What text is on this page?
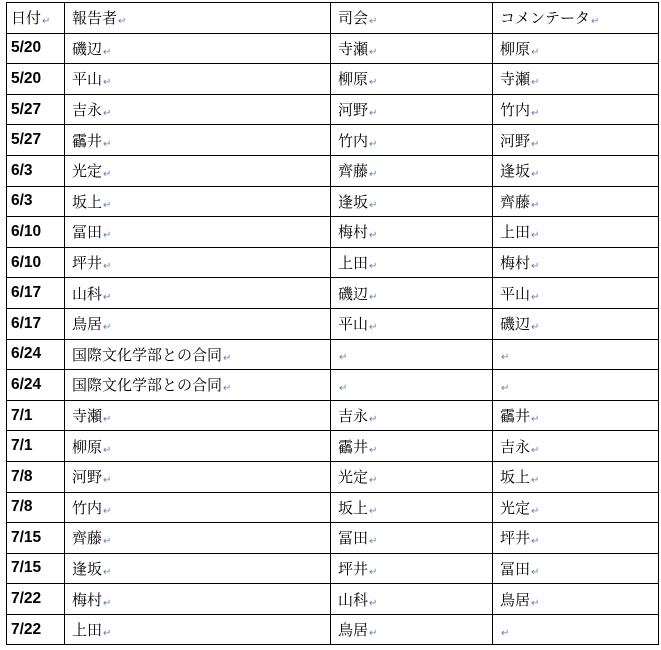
日付↵	報告者↵	司会↵	コメンテータ↵
5/20	磯辺↵	寺瀬↵	柳原↵
5/20	平山↵	柳原↵	寺瀬↵
5/27	吉永↵	河野↵	竹内↵
5/27	靍井↵	竹内↵	河野↵
6/3	光定↵	齊藤↵	逢坂↵
6/3	坂上↵	逢坂↵	齊藤↵
6/10	冨田↵	梅村↵	上田↵
6/10	坪井↵	上田↵	梅村↵
6/17	山科↵	磯辺↵	平山↵
6/17	鳥居↵	平山↵	磯辺↵
6/24	国際文化学部との合同↵	↵	↵
6/24	国際文化学部との合同↵	↵	↵
7/1	寺瀬↵	吉永↵	靍井↵
7/1	柳原↵	靍井↵	吉永↵
7/8	河野↵	光定↵	坂上↵
7/8	竹内↵	坂上↵	光定↵
7/15	齊藤↵	冨田↵	坪井↵
7/15	逢坂↵	坪井↵	冨田↵
7/22	梅村↵	山科↵	鳥居↵
7/22	上田↵	鳥居↵	↵
